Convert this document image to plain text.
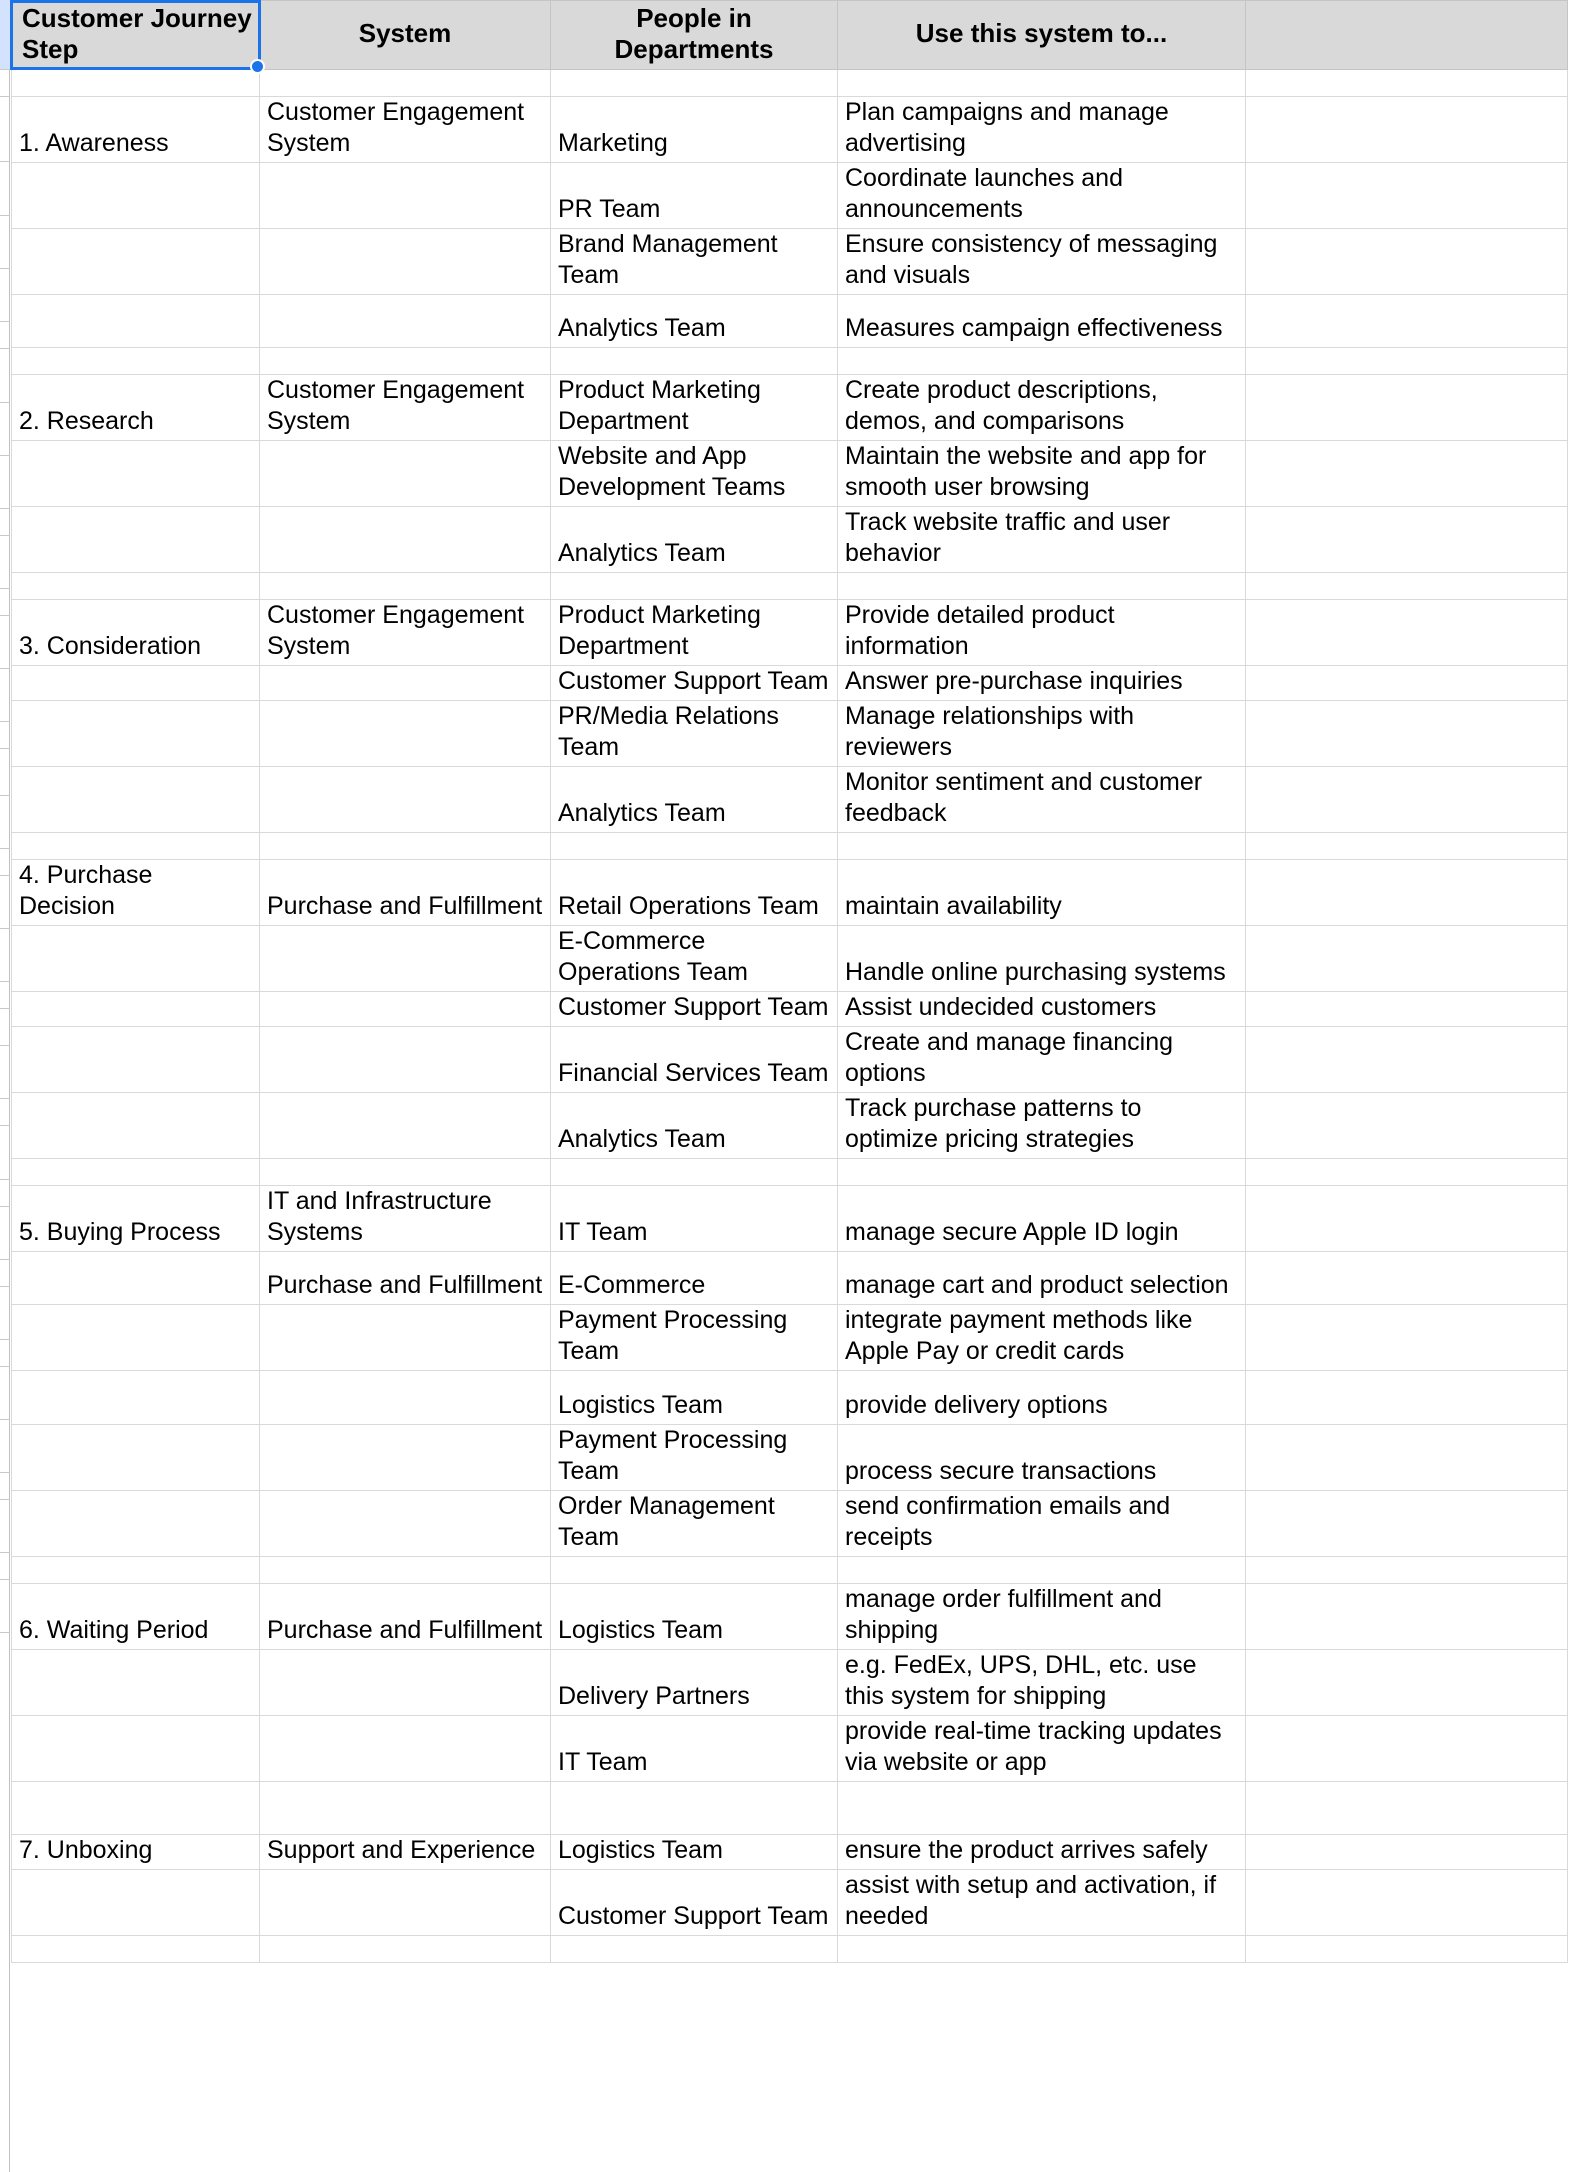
Customer Journey Step	System	People in Departments	Use this system to...	

1. Awareness	Customer Engagement System	Marketing	Plan campaigns and manage advertising	
		PR Team	Coordinate launches and announcements	
		Brand Management Team	Ensure consistency of messaging and visuals	
		Analytics Team	Measures campaign effectiveness	

2. Research	Customer Engagement System	Product Marketing Department	Create product descriptions, demos, and comparisons	
		Website and App Development Teams	Maintain the website and app for smooth user browsing	
		Analytics Team	Track website traffic and user behavior	

3. Consideration	Customer Engagement System	Product Marketing Department	Provide detailed product information	
		Customer Support Team	Answer pre-purchase inquiries	
		PR/Media Relations Team	Manage relationships with reviewers	
		Analytics Team	Monitor sentiment and customer feedback	

4. Purchase Decision	Purchase and Fulfillment	Retail Operations Team	maintain availability	
		E-Commerce Operations Team	Handle online purchasing systems	
		Customer Support Team	Assist undecided customers	
		Financial Services Team	Create and manage financing options	
		Analytics Team	Track purchase patterns to optimize pricing strategies	

5. Buying Process	IT and Infrastructure Systems	IT Team	manage secure Apple ID login	
	Purchase and Fulfillment	E-Commerce	manage cart and product selection	
		Payment Processing Team	integrate payment methods like Apple Pay or credit cards	
		Logistics Team	provide delivery options	
		Payment Processing Team	process secure transactions	
		Order Management Team	send confirmation emails and receipts	

6. Waiting Period	Purchase and Fulfillment	Logistics Team	manage order fulfillment and shipping	
		Delivery Partners	e.g. FedEx, UPS, DHL, etc. use this system for shipping	
		IT Team	provide real-time tracking updates via website or app	

7. Unboxing	Support and Experience	Logistics Team	ensure the product arrives safely	
		Customer Support Team	assist with setup and activation, if needed	
